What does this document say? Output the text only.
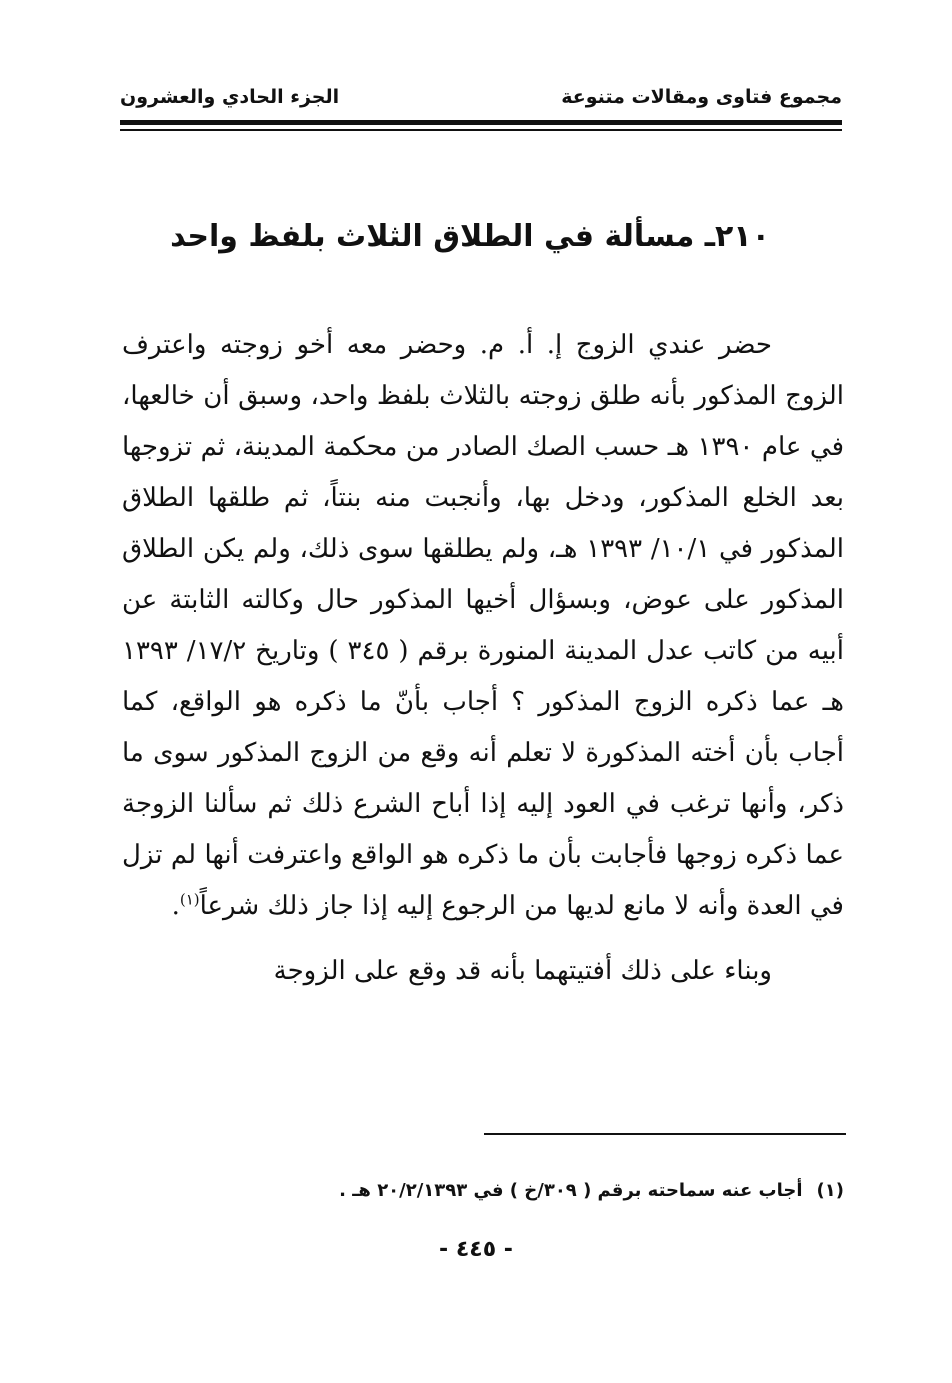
مجموع فتاوى ومقالات متنوعة
الجزء الحادي والعشرون
٢١٠ـ مسألة في الطلاق الثلاث بلفظ واحد

حضر عندي الزوج إ. أ. م. وحضر معه أخو زوجته واعترف الزوج المذكور بأنه طلق زوجته بالثلاث بلفظ واحد، وسبق أن خالعها، في عام ١٣٩٠ هـ حسب الصك الصادر من محكمة المدينة، ثم تزوجها بعد الخلع المذكور، ودخل بها، وأنجبت منه بنتاً، ثم طلقها الطلاق المذكور في ١٠/١/ ١٣٩٣ هـ، ولم يطلقها سوى ذلك، ولم يكن الطلاق المذكور على عوض، وبسؤال أخيها المذكور حال وكالته الثابتة عن أبيه من كاتب عدل المدينة المنورة برقم ( ٣٤٥ ) وتاريخ ١٧/٢/ ١٣٩٣ هـ عما ذكره الزوج المذكور ؟ أجاب بأنّ ما ذكره هو الواقع، كما أجاب بأن أخته المذكورة لا تعلم أنه وقع من الزوج المذكور سوى ما ذكر، وأنها ترغب في العود إليه إذا أباح الشرع ذلك ثم سألنا الزوجة عما ذكره زوجها فأجابت بأن ما ذكره هو الواقع واعترفت أنها لم تزل في العدة وأنه لا مانع لديها من الرجوع إليه إذا جاز ذلك شرعاً$^{(١)}$.

وبناء على ذلك أفتيتهما بأنه قد وقع على الزوجة

(١)أجاب عنه سماحته برقم ( ٣٠٩/خ ) في ٢٠/٢/١٣٩٣ هـ .
- ٤٤٥ -
